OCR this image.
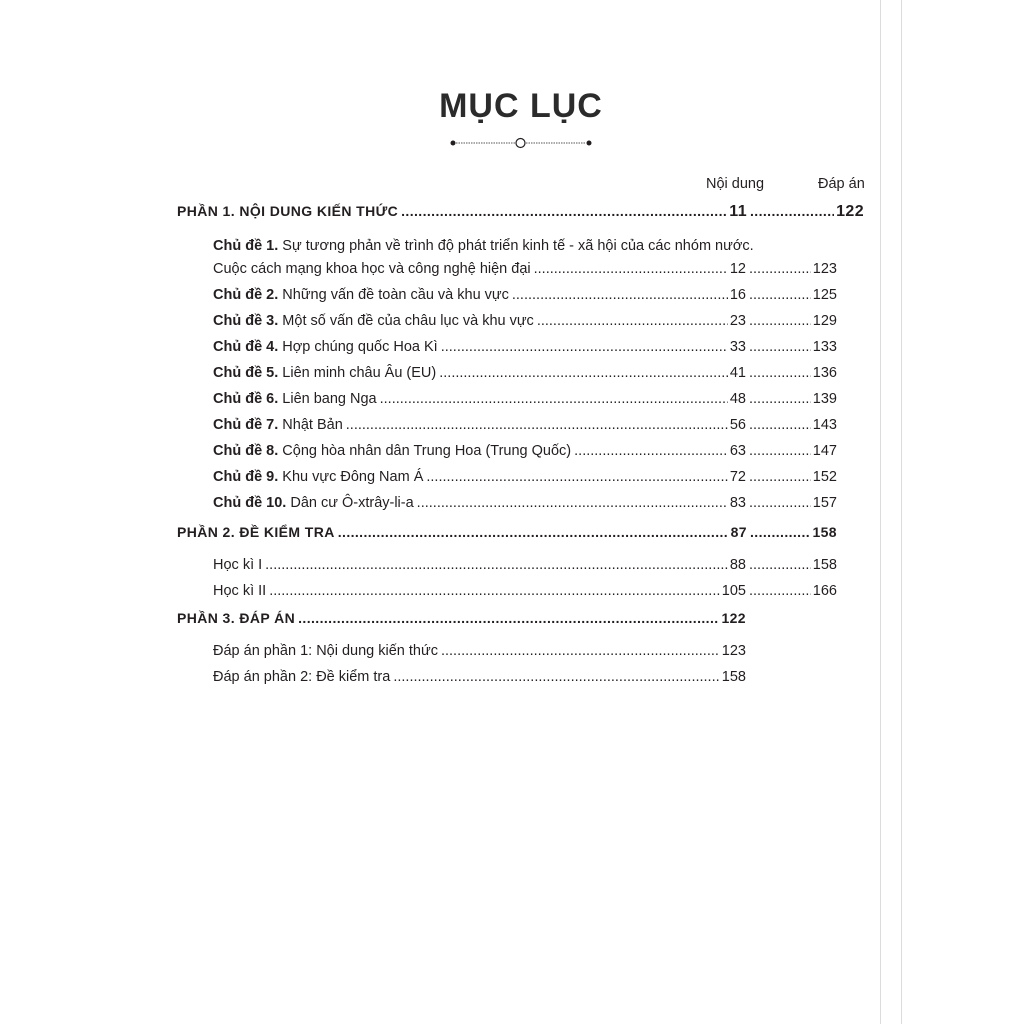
MỤC LỤC
Nội dung	Đáp án
PHẦN 1. NỘI DUNG KIẾN THỨC .....	11 .....	122
Chủ đề 1. Sự tương phản về trình độ phát triển kinh tế - xã hội của các nhóm nước.
Cuộc cách mạng khoa học và công nghệ hiện đại .....	12 .....	123
Chủ đề 2. Những vấn đề toàn cầu và khu vực .....	16 .....	125
Chủ đề 3. Một số vấn đề của châu lục và khu vực .....	23 .....	129
Chủ đề 4. Hợp chúng quốc Hoa Kì .....	33 .....	133
Chủ đề 5. Liên minh châu Âu (EU) .....	41 .....	136
Chủ đề 6. Liên bang Nga .....	48 .....	139
Chủ đề 7. Nhật Bản .....	56 .....	143
Chủ đề 8. Cộng hòa nhân dân Trung Hoa (Trung Quốc) .....	63 .....	147
Chủ đề 9. Khu vực Đông Nam Á .....	72 .....	152
Chủ đề 10. Dân cư Ô-xtrây-li-a .....	83 .....	157
PHẦN 2. ĐỀ KIỂM TRA .....	87 .....	158
Học kì I .....	88 .....	158
Học kì II .....	105 .....	166
PHẦN 3. ĐÁP ÁN .....	122
Đáp án phần 1: Nội dung kiến thức .....	123
Đáp án phần 2: Đề kiểm tra .....	158
